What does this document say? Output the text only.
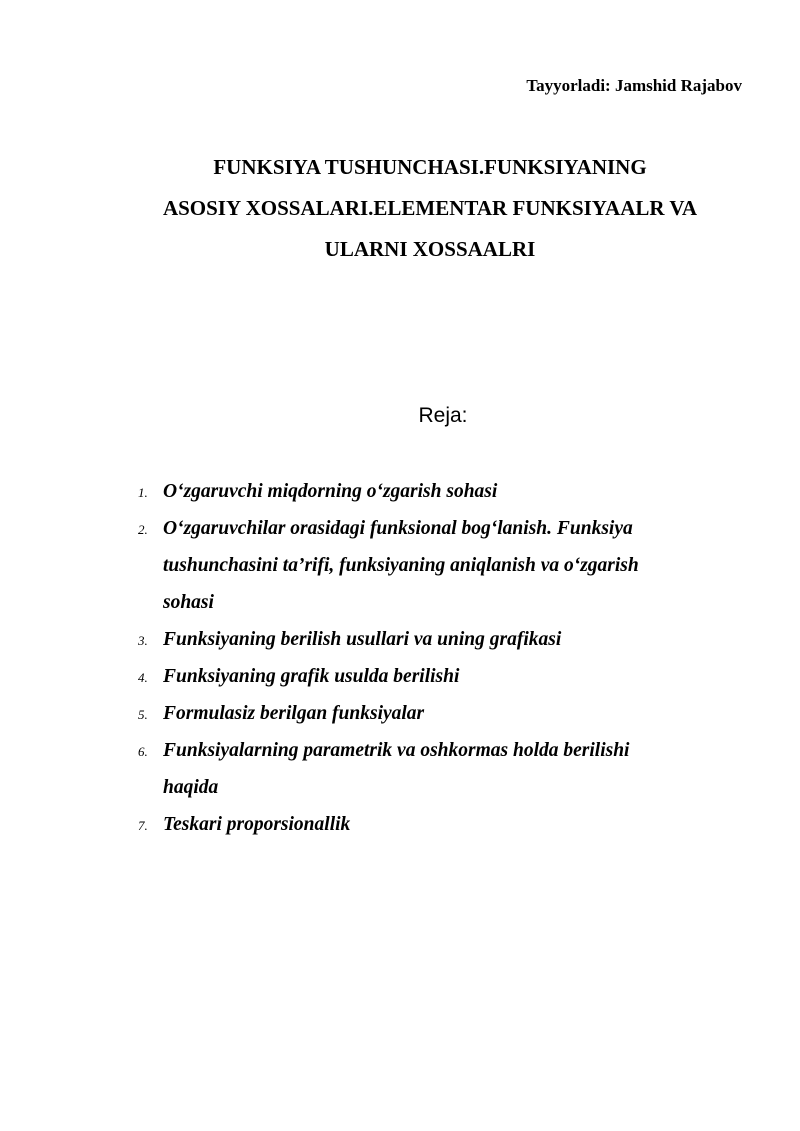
Tayyorladi: Jamshid Rajabov
FUNKSIYA TUSHUNCHASI.FUNKSIYANING
ASOSIY XOSSALARI.ELEMENTAR FUNKSIYAALR VA
ULARNI XOSSAALRI
Reja:
1. O‘zgaruvchi miqdorning o‘zgarish sohasi
2. O‘zgaruvchilar orasidagi funksional bog‘lanish. Funksiya
tushunchasini ta’rifi, funksiyaning aniqlanish va o‘zgarish
sohasi
3. Funksiyaning berilish usullari va uning grafikasi
4. Funksiyaning grafik usulda berilishi
5. Formulasiz berilgan funksiyalar
6. Funksiyalarning parametrik va oshkormas holda berilishi
haqida
7. Teskari proporsionallik
